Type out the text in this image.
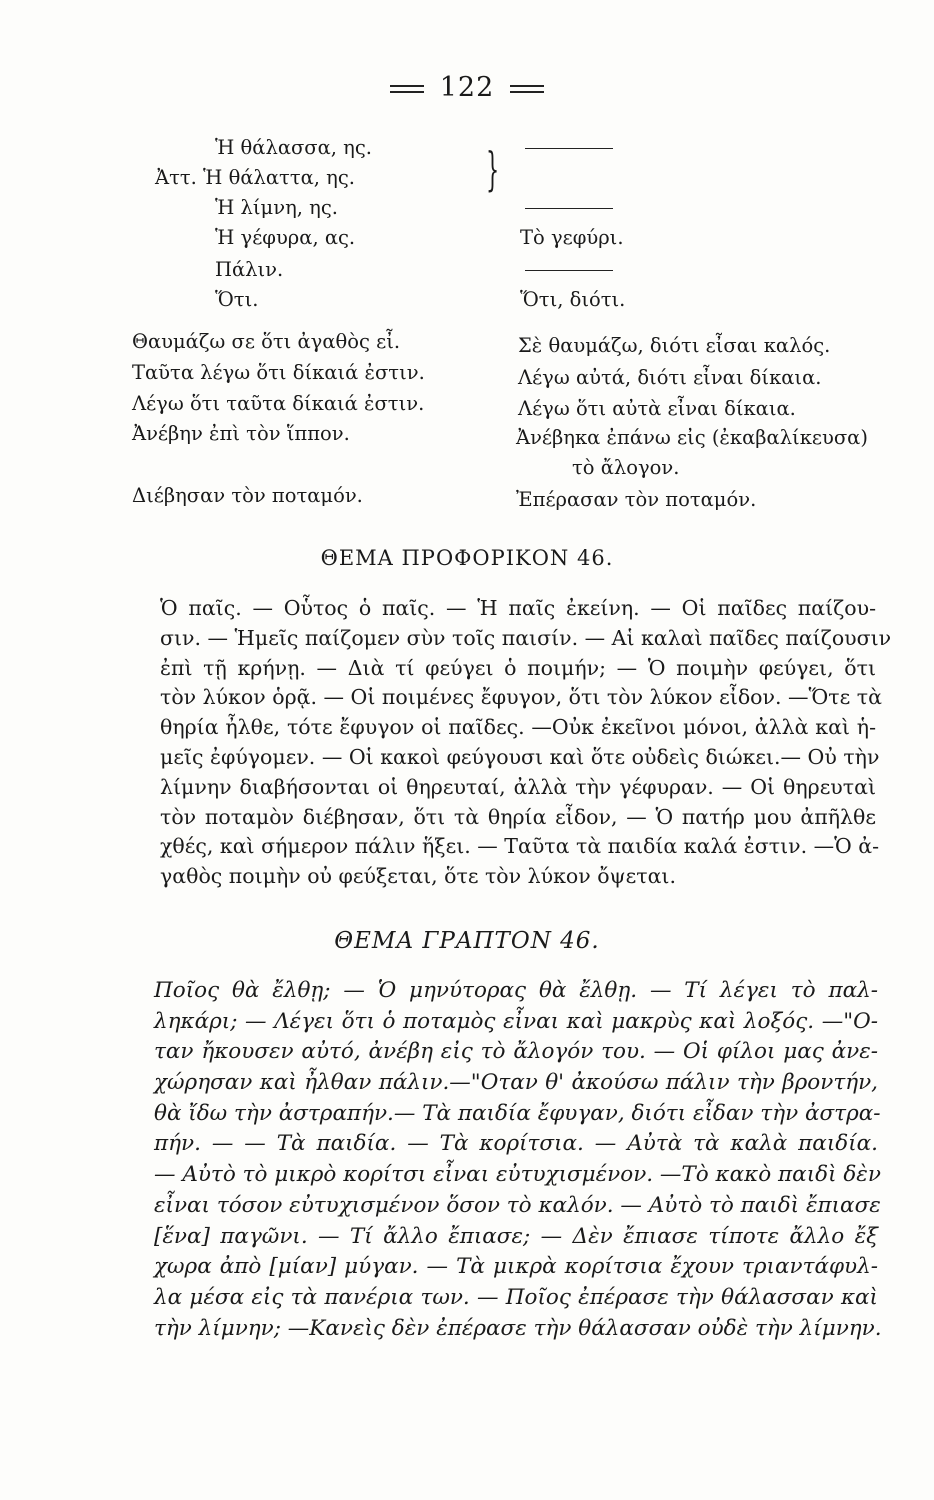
122
Ἡ θάλασσα, ης.
Ἀττ. Ἡ θάλαττα, ης.	}
Ἡ λίμνη, ης.
Ἡ γέφυρα, ας.	Τὸ γεφύρι.
Πάλιν.
Ὅτι.	Ὅτι, διότι.
Θαυμάζω σε ὅτι ἀγαθὸς εἶ.	Σὲ θαυμάζω, διότι εἶσαι καλός.
Ταῦτα λέγω ὅτι δίκαιά ἐστιν.	Λέγω αὐτά, διότι εἶναι δίκαια.
Λέγω ὅτι ταῦτα δίκαιά ἐστιν.	Λέγω ὅτι αὐτὰ εἶναι δίκαια.
Ἀνέβην ἐπὶ τὸν ἵππον.	Ἀνέβηκα ἐπάνω εἰς (ἐκαβαλίκευσα)
τὸ ἄλογον.
Διέβησαν τὸν ποταμόν.	Ἐπέρασαν τὸν ποταμόν.
ΘΕΜΑ ΠΡΟΦΟΡΙΚΟΝ 46.
Ὁ παῖς. — Οὗτος ὁ παῖς. — Ἡ παῖς ἐκείνη. — Οἱ παῖδες παίζου-
σιν. — Ἡμεῖς παίζομεν σὺν τοῖς παισίν. — Αἱ καλαὶ παῖδες παίζουσιν
ἐπὶ τῇ κρήνῃ. — Διὰ τί φεύγει ὁ ποιμήν; — Ὁ ποιμὴν φεύγει, ὅτι
τὸν λύκον ὁρᾷ. — Οἱ ποιμένες ἔφυγον, ὅτι τὸν λύκον εἶδον. —Ὅτε τὰ
θηρία ἦλθε, τότε ἔφυγον οἱ παῖδες. —Οὐκ ἐκεῖνοι μόνοι, ἀλλὰ καὶ ἡ-
μεῖς ἐφύγομεν. — Οἱ κακοὶ φεύγουσι καὶ ὅτε οὐδεὶς διώκει.— Οὐ τὴν
λίμνην διαβήσονται οἱ θηρευταί, ἀλλὰ τὴν γέφυραν. — Οἱ θηρευταὶ
τὸν ποταμὸν διέβησαν, ὅτι τὰ θηρία εἶδον, — Ὁ πατήρ μου ἀπῆλθε
χθές, καὶ σήμερον πάλιν ἥξει. — Ταῦτα τὰ παιδία καλά ἐστιν. —Ὁ ἀ-
γαθὸς ποιμὴν οὐ φεύξεται, ὅτε τὸν λύκον ὄψεται.
ΘΕΜΑ ΓΡΑΠΤΟΝ 46.
Ποῖος θὰ ἔλθῃ; — Ὁ μηνύτορας θὰ ἔλθῃ. — Τί λέγει τὸ παλ-
ληκάρι; — Λέγει ὅτι ὁ ποταμὸς εἶναι καὶ μακρὺς καὶ λοξός. —"Ο-
ταν ἤκουσεν αὐτό, ἀνέβη εἰς τὸ ἄλογόν του. — Οἱ φίλοι μας ἀνε-
χώρησαν καὶ ἦλθαν πάλιν.—"Οταν θ' ἀκούσω πάλιν τὴν βροντήν,
θὰ ἴδω τὴν ἀστραπήν.— Τὰ παιδία ἔφυγαν, διότι εἶδαν τὴν ἀστρα-
πήν. — — Τὰ παιδία. — Τὰ κορίτσια. — Αὐτὰ τὰ καλὰ παιδία.
— Αὐτὸ τὸ μικρὸ κορίτσι εἶναι εὐτυχισμένον. —Τὸ κακὸ παιδὶ δὲν
εἶναι τόσον εὐτυχισμένον ὅσον τὸ καλόν. — Αὐτὸ τὸ παιδὶ ἔπιασε
[ἕνα] παγῶνι. — Τί ἄλλο ἔπιασε; — Δὲν ἔπιασε τίποτε ἄλλο ἔξ
χωρα ἀπὸ [μίαν] μύγαν. — Τὰ μικρὰ κορίτσια ἔχουν τριαντάφυλ-
λα μέσα εἰς τὰ πανέρια των. — Ποῖος ἐπέρασε τὴν θάλασσαν καὶ
τὴν λίμνην; —Κανεὶς δὲν ἐπέρασε τὴν θάλασσαν οὐδὲ τὴν λίμνην.
